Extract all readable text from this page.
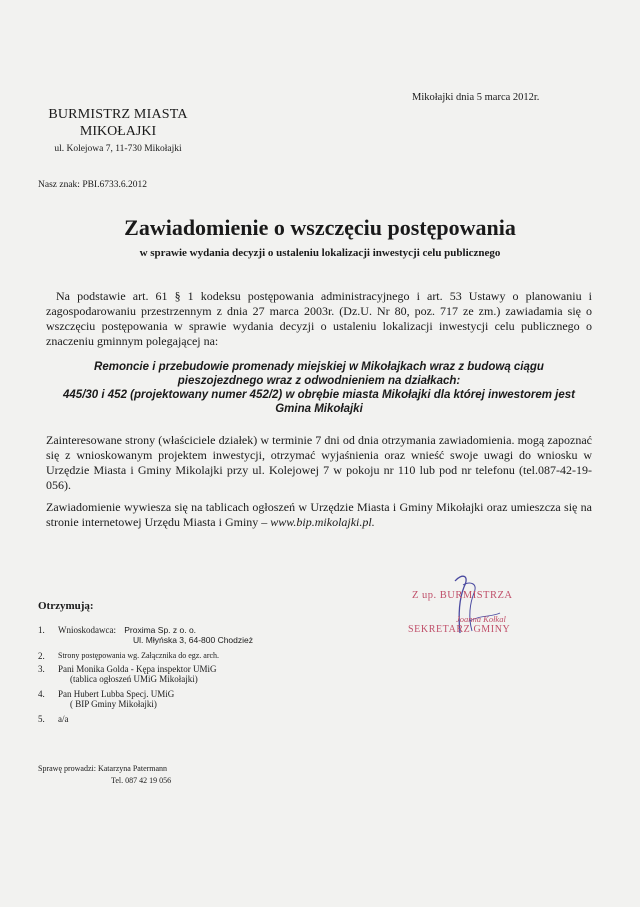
Mikołajki dnia 5 marca 2012r.
BURMISTRZ MIASTA
MIKOŁAJKI
ul. Kolejowa 7, 11-730 Mikołajki
Nasz znak: PBI.6733.6.2012
Zawiadomienie o wszczęciu postępowania
w sprawie wydania decyzji o ustaleniu lokalizacji inwestycji celu publicznego
Na podstawie art. 61 § 1 kodeksu postępowania administracyjnego i art. 53 Ustawy o planowaniu i zagospodarowaniu przestrzennym z dnia 27 marca 2003r. (Dz.U. Nr 80, poz. 717 ze zm.) zawiadamia się o wszczęciu postępowania w sprawie wydania decyzji o ustaleniu lokalizacji inwestycji celu publicznego o znaczeniu gminnym polegającej na:
Remoncie i przebudowie promenady miejskiej w Mikołajkach wraz z budową ciągu
pieszojezdnego wraz z odwodnieniem na działkach:
445/30 i 452 (projektowany numer 452/2) w obrębie miasta Mikołajki dla której inwestorem jest
Gmina Mikołajki
Zainteresowane strony (właściciele działek) w terminie 7 dni od dnia otrzymania zawiadomienia. mogą zapoznać się z wnioskowanym projektem inwestycji, otrzymać wyjaśnienia oraz wnieść swoje uwagi do wniosku w Urzędzie Miasta i Gminy Mikolajki przy ul. Kolejowej 7 w pokoju nr 110 lub pod nr telefonu (tel.087-42-19-056).
Zawiadomienie wywiesza się na tablicach ogłoszeń w Urzędzie Miasta i Gminy Mikołajki oraz umieszcza się na stronie internetowej Urzędu Miasta i Gminy – www.bip.mikolajki.pl.
Z up. BURMISTRZA
Joanna Kołkal
SEKRETARZ GMINY
Otrzymują:
1.	Wnioskodawca: Proxima Sp. z o. o.
Ul. Młyńska 3, 64-800 Chodzież
2.	Strony postępowania wg. Załącznika do egz. arch.
3.	Pani Monika Golda - Kępa inspektor UMiG
(tablica ogłoszeń UMiG Mikołajki)
4.	Pan Hubert Lubba Specj. UMiG
( BIP Gminy Mikołajki)
5.	a/a
Sprawę prowadzi: Katarzyna Patermann
Tel. 087 42 19 056
